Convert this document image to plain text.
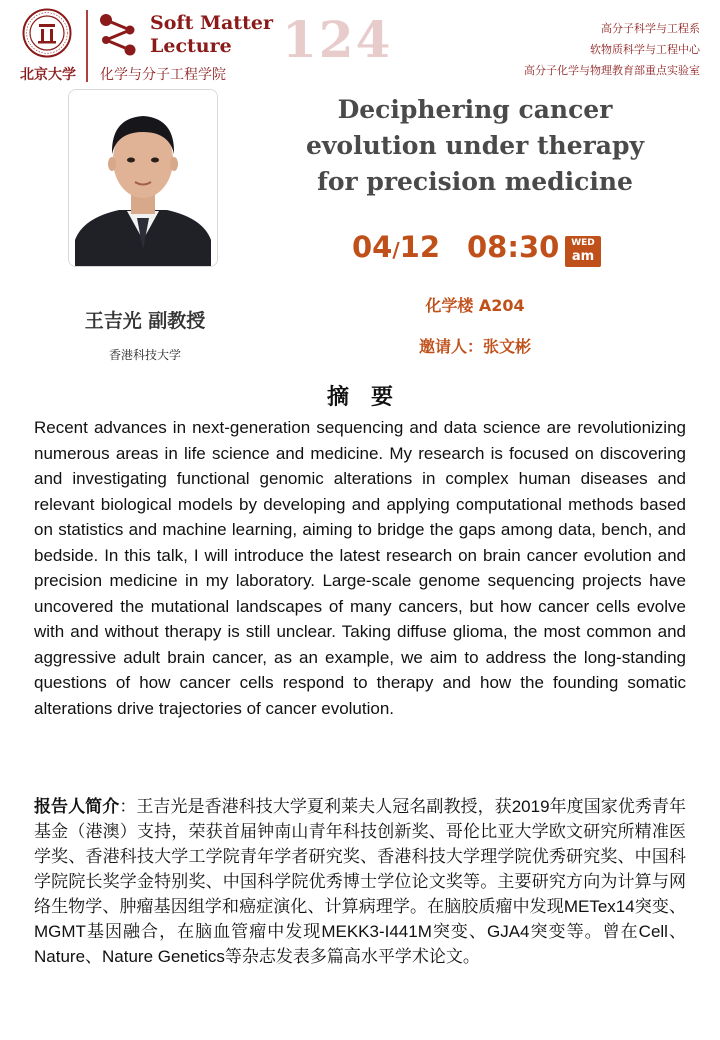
北京大学
Soft Matter
Lecture
化学与分子工程学院
124	高分子科学与工程系
软物质科学与工程中心
高分子化学与物理教育部重点实验室
王吉光 副教授
香港科技大学
Deciphering cancer
evolution under therapy
for precision medicine
04/12 08:30	WED
am
化学楼 A204
邀请人：张文彬
摘　要
Recent advances in next-generation sequencing and data science are revolutionizing numerous areas in life science and medicine. My research is focused on discovering and investigating functional genomic alterations in complex human diseases and relevant biological models by developing and applying computational methods based on statistics and machine learning, aiming to bridge the gaps among data, bench, and bedside. In this talk, I will introduce the latest research on brain cancer evolution and precision medicine in my laboratory. Large-scale genome sequencing projects have uncovered the mutational landscapes of many cancers, but how cancer cells evolve with and without therapy is still unclear. Taking diffuse glioma, the most common and aggressive adult brain cancer, as an example, we aim to address the long-standing questions of how cancer cells respond to therapy and how the founding somatic alterations drive trajectories of cancer evolution.
报告人简介：王吉光是香港科技大学夏利莱夫人冠名副教授，获2019年度国家优秀青年基金（港澳）支持，荣获首届钟南山青年科技创新奖、哥伦比亚大学欧文研究所精准医学奖、香港科技大学工学院青年学者研究奖、香港科技大学理学院优秀研究奖、中国科学院院长奖学金特别奖、中国科学院优秀博士学位论文奖等。主要研究方向为计算与网络生物学、肿瘤基因组学和癌症演化、计算病理学。在脑胶质瘤中发现METex14突变、MGMT基因融合，在脑血管瘤中发现MEKK3-I441M突变、GJA4突变等。曾在Cell、Nature、Nature Genetics等杂志发表多篇高水平学术论文。
